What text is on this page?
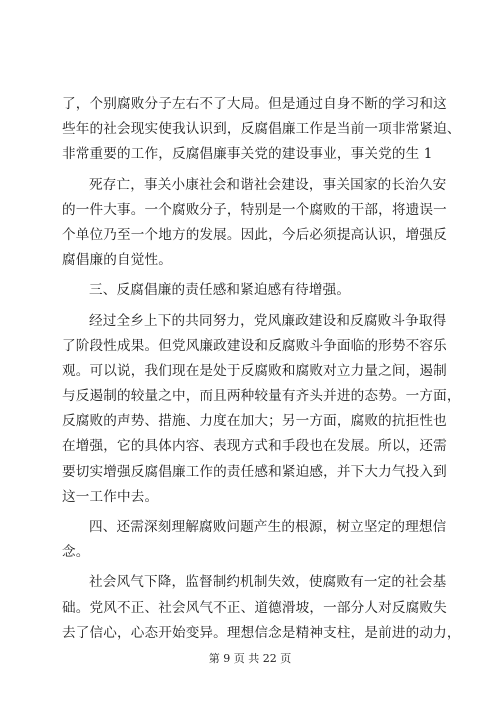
了，个别腐败分子左右不了大局。但是通过自身不断的学习和这
些年的社会现实使我认识到，反腐倡廉工作是当前一项非常紧迫、
非常重要的工作，反腐倡廉事关党的建设事业，事关党的生 1
死存亡，事关小康社会和谐社会建设，事关国家的长治久安
的一件大事。一个腐败分子，特别是一个腐败的干部，将遗误一
个单位乃至一个地方的发展。因此，今后必须提高认识，增强反
腐倡廉的自觉性。
三、反腐倡廉的责任感和紧迫感有待增强。
经过全乡上下的共同努力，党风廉政建设和反腐败斗争取得
了阶段性成果。但党风廉政建设和反腐败斗争面临的形势不容乐
观。可以说，我们现在是处于反腐败和腐败对立力量之间，遏制
与反遏制的较量之中，而且两种较量有齐头并进的态势。一方面，
反腐败的声势、措施、力度在加大；另一方面，腐败的抗拒性也
在增强，它的具体内容、表现方式和手段也在发展。所以，还需
要切实增强反腐倡廉工作的责任感和紧迫感，并下大力气投入到
这一工作中去。
四、还需深刻理解腐败问题产生的根源，树立坚定的理想信
念。
社会风气下降，监督制约机制失效，使腐败有一定的社会基
础。党风不正、社会风气不正、道德滑坡，一部分人对反腐败失
去了信心，心态开始变异。理想信念是精神支柱，是前进的动力，
第 9 页 共 22 页
